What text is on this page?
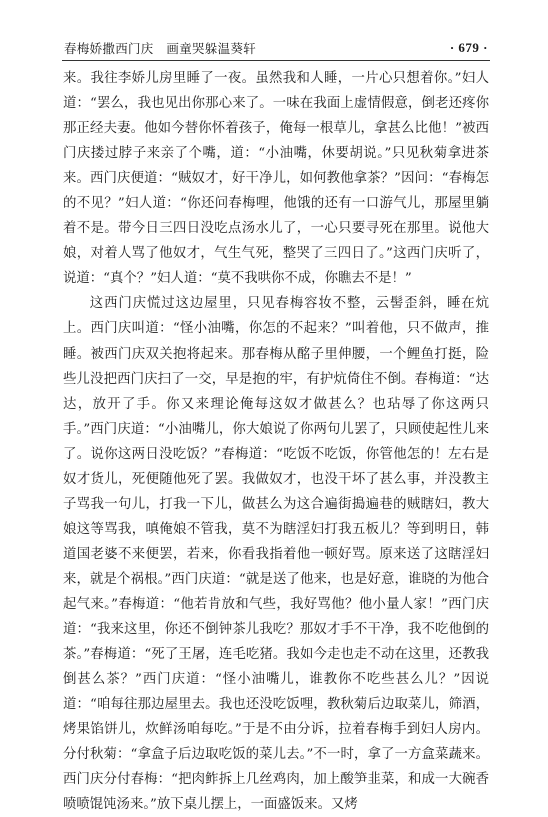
春梅娇撒西门庆　画童哭躲温葵轩	· 679 ·

来。我往李娇儿房里睡了一夜。虽然我和人睡，一片心只想着你。”妇人道：“罢么，我也见出你那心来了。一味在我面上虚情假意，倒老还疼你那正经夫妻。他如今替你怀着孩子，俺每一根草儿，拿甚么比他！”被西门庆搂过脖子来亲了个嘴，道：“小油嘴，休要胡说。”只见秋菊拿进茶来。西门庆便道：“贼奴才，好干净儿，如何教他拿茶？”因问：“春梅怎的不见？”妇人道：“你还问春梅哩，他饿的还有一口游气儿，那屋里躺着不是。带今日三四日没吃点汤水儿了，一心只要寻死在那里。说他大娘，对着人骂了他奴才，气生气死，整哭了三四日了。”这西门庆听了，说道：“真个？”妇人道：“莫不我哄你不成，你瞧去不是！”

这西门庆慌过这边屋里，只见春梅容妆不整，云髻歪斜，睡在炕上。西门庆叫道：“怪小油嘴，你怎的不起来？”叫着他，只不做声，推睡。被西门庆双关抱将起来。那春梅从酩子里伸腰，一个鲤鱼打挺，险些儿没把西门庆扫了一交，早是抱的牢，有护炕倚住不倒。春梅道：“达达，放开了手。你又来理论俺每这奴才做甚么？也玷辱了你这两只手。”西门庆道：“小油嘴儿，你大娘说了你两句儿罢了，只顾使起性儿来了。说你这两日没吃饭？”春梅道：“吃饭不吃饭，你管他怎的！左右是奴才货儿，死便随他死了罢。我做奴才，也没干坏了甚么事，并没教主子骂我一句儿，打我一下儿，做甚么为这合遍街搗遍巷的贼瞎妇，教大娘这等骂我，嗔俺娘不管我，莫不为瞎淫妇打我五板儿？等到明日，韩道国老婆不来便罢，若来，你看我指着他一顿好骂。原来送了这瞎淫妇来，就是个祸根。”西门庆道：“就是送了他来，也是好意，谁晓的为他合起气来。”春梅道：“他若肯放和气些，我好骂他？他小量人家！”西门庆道：“我来这里，你还不倒钟茶儿我吃？那奴才手不干净，我不吃他倒的茶。”春梅道：“死了王屠，连毛吃猪。我如今走也走不动在这里，还教我倒甚么茶？”西门庆道：“怪小油嘴儿，谁教你不吃些甚么儿？”因说道：“咱每往那边屋里去。我也还没吃饭哩，教秋菊后边取菜儿，筛酒，烤果馅饼儿，炊鲜汤咱每吃。”于是不由分诉，拉着春梅手到妇人房内。分付秋菊：“拿盒子后边取吃饭的菜儿去。”不一时，拿了一方盒菜蔬来。西门庆分付春梅：“把肉鲊拆上几丝鸡肉，加上酸笋韭菜，和成一大碗香喷喷馄饨汤来。”放下桌儿摆上，一面盛饭来。又烤
